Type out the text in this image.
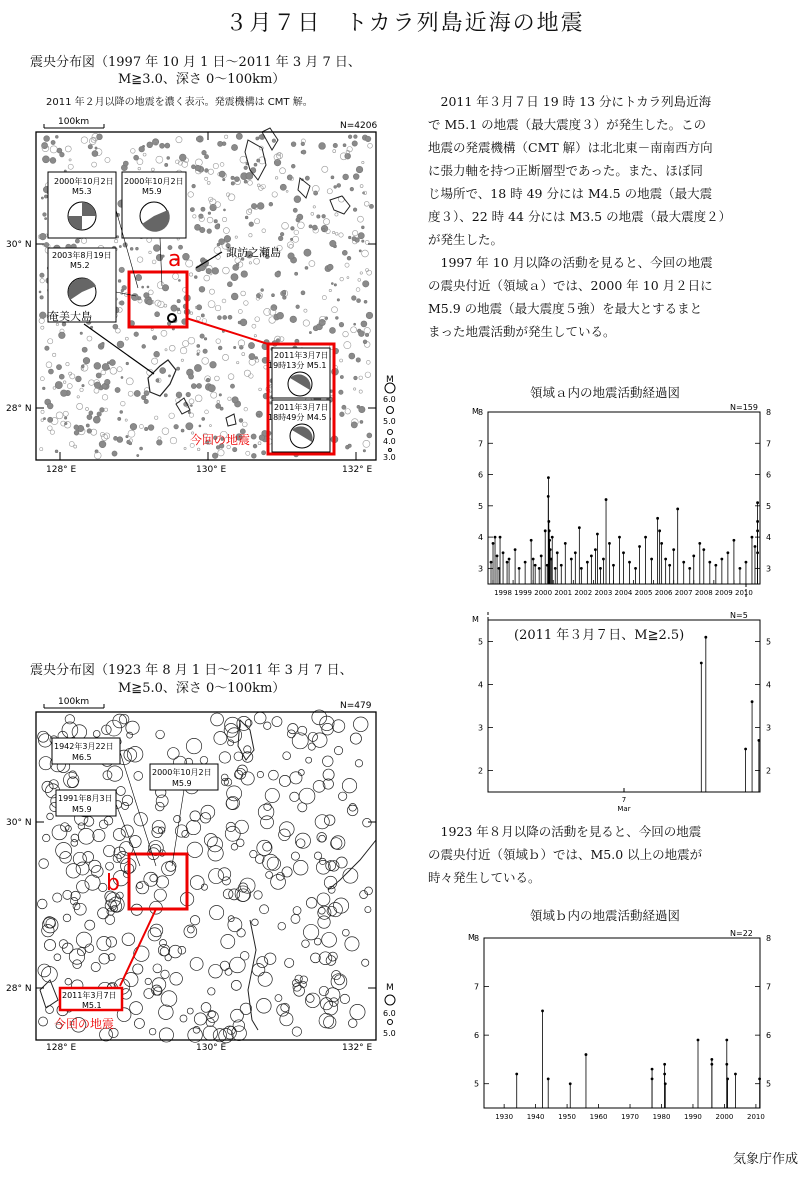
３月７日　トカラ列島近海の地震
震央分布図（1997 年 10 月 1 日～2011 年 3 月 7 日、
M≧3.0、深さ 0～100km）
2011 年２月以降の地震を濃く表示。発震機構は CMT 解。
100km	N=4206
30° N
28° N
128° E	130° E	132° E
a
2000年10月2日
M5.3
2000年10月2日
M5.9
2003年8月19日
M5.2
2011年3月7日
19時13分 M5.1
2011年3月7日
18時49分 M4.5
今回の地震
諏訪之瀬島
奄美大島
M
6.0
5.0
4.0
3.0
震央分布図（1923 年 8 月 1 日～2011 年 3 月 7 日、
M≧5.0、深さ 0～100km）
100km	N=479
30° N
28° N
128° E	130° E	132° E
b
1942年3月22日
M6.5
2000年10月2日
M5.9
1991年8月3日
M5.9
2011年3月7日
M5.1
今回の地震
M
6.0
5.0
　2011 年３月７日 19 時 13 分にトカラ列島近海
で M5.1 の地震（最大震度３）が発生した。この
地震の発震機構（CMT 解）は北北東－南南西方向
に張力軸を持つ正断層型であった。また、ほぼ同
じ場所で、18 時 49 分には M4.5 の地震（最大震
度３）、22 時 44 分には M3.5 の地震（最大震度２）
が発生した。
　1997 年 10 月以降の活動を見ると、今回の地震
の震央付近（領域ａ）では、2000 年 10 月２日に
M5.9 の地震（最大震度５強）を最大とするまと
まった地震活動が発生している。
　1923 年８月以降の活動を見ると、今回の地震
の震央付近（領域ｂ）では、M5.0 以上の地震が
時々発生している。
領域ａ内の地震活動経過図
M	N=159
3	3
4	4
5	5
6	6
7	7
8	8
1998 1999 2000 2001 2002 2003 2004 2005 2006 2007 2008 2009 2010
M	N=5
2	2
3	3
4	4
5	5
7
Mar
(2011 年３月７日、M≧2.5)
領域ｂ内の地震活動経過図
M	N=22
5	5
6	6
7	7
8	8
1930 1940 1950 1960 1970 1980 1990 2000 2010
気象庁作成
